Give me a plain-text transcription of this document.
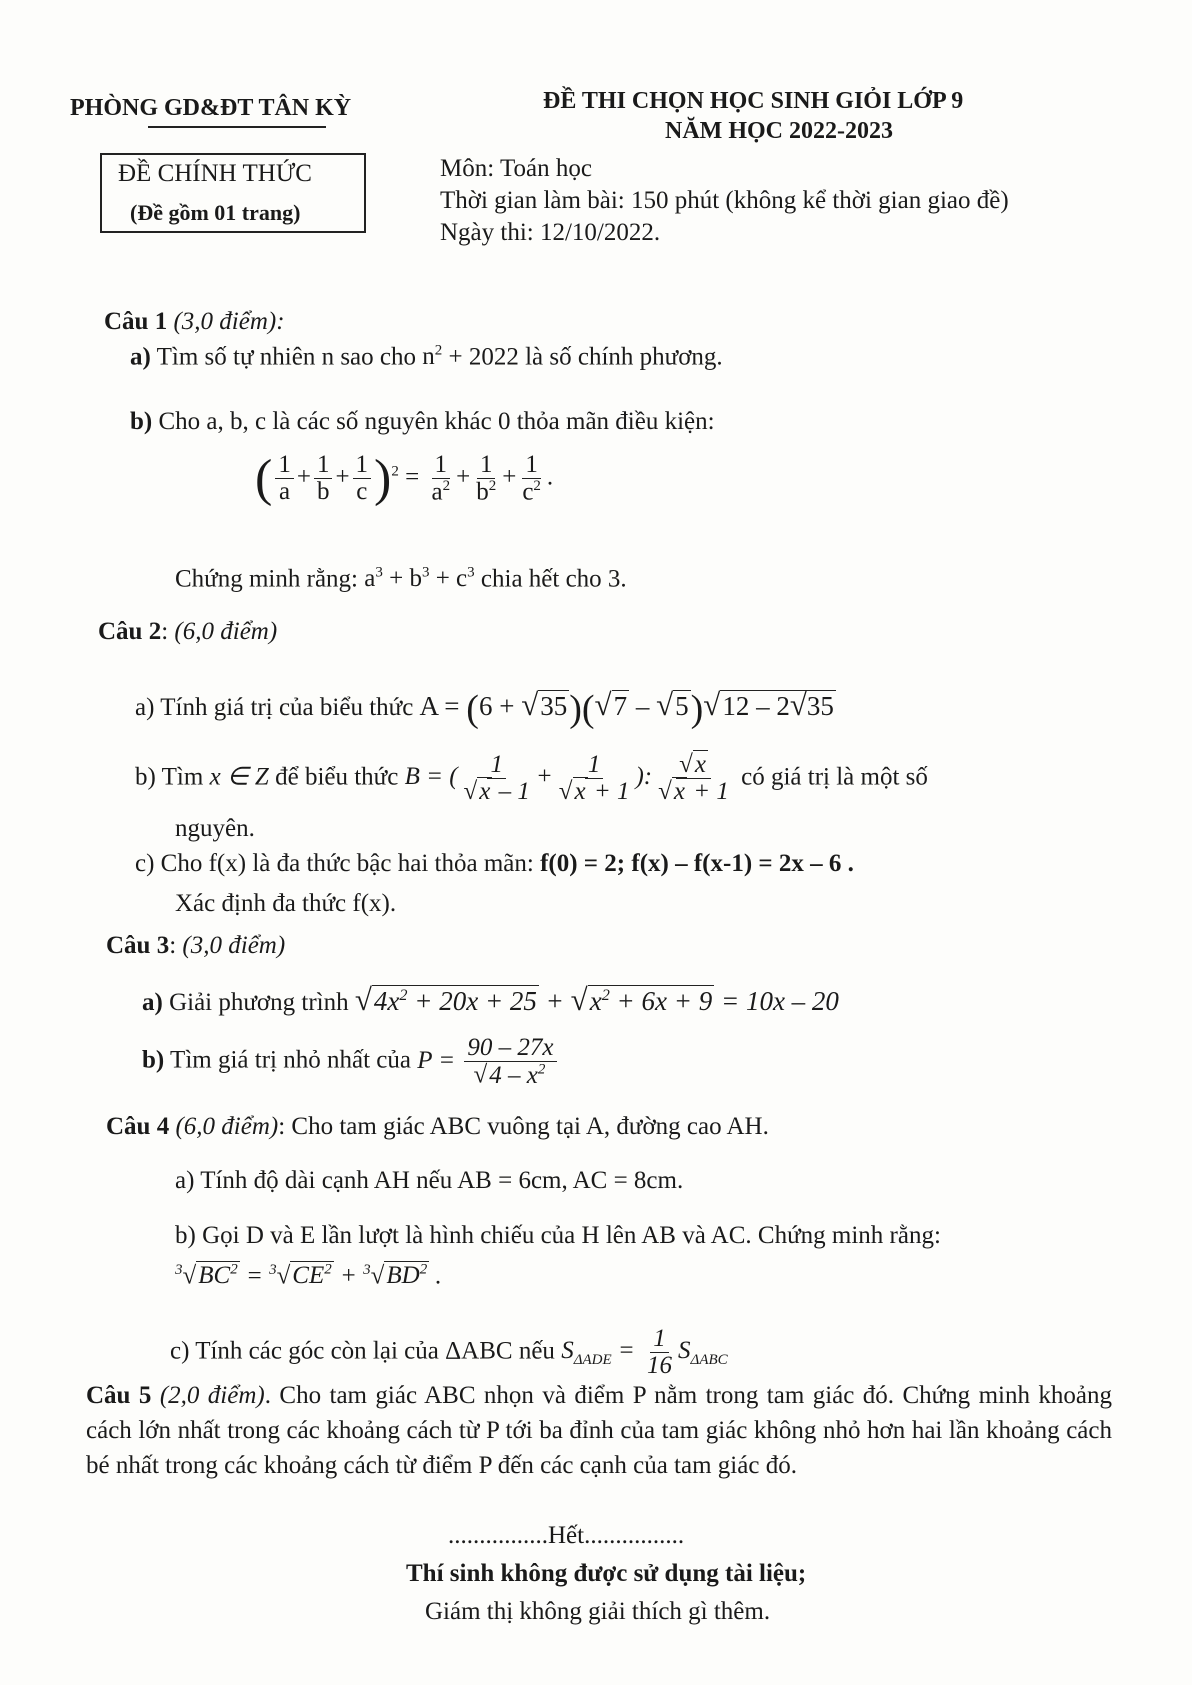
PHÒNG GD&ĐT TÂN KỲ	ĐỀ THI CHỌN HỌC SINH GIỎI LỚP 9
NĂM HỌC 2022-2023
ĐỀ CHÍNH THỨC
(Đề gồm 01 trang)
Môn: Toán học
Thời gian làm bài: 150 phút (không kể thời gian giao đề)
Ngày thi: 12/10/2022.
Câu 1 (3,0 điểm):
a) Tìm số tự nhiên n sao cho $n^2 + 2022$ là số chính phương.
b) Cho a, b, c là các số nguyên khác 0 thỏa mãn điều kiện:
( $\frac{1}{a} + \frac{1}{b} + \frac{1}{c} )^2 = \frac{1}{a^2} + \frac{1}{b^2} + \frac{1}{c^2}$ .
Chứng minh rằng: $a^3 + b^3 + c^3$ chia hết cho 3.
Câu 2: (6,0 điểm)
a) Tính giá trị của biểu thức A = (6 + √35)(√7 – √5)√12 – 2√35
b) Tìm x ∈ Z để biểu thức B = ( $\frac{1}{√x - 1} + \frac{1}{√x + 1}$ ): $\frac{√x}{√x + 1}$ có giá trị là một số
nguyên.
c) Cho f(x) là đa thức bậc hai thỏa mãn: f(0) = 2; f(x) – f(x-1) = 2x – 6 .
Xác định đa thức f(x).
Câu 3: (3,0 điểm)
a) Giải phương trình $√4x^2 + 20x + 25 + √x^2 + 6x + 9 = 10x - 20$
b) Tìm giá trị nhỏ nhất của $P = \frac{90 - 27x}{√4 - x^2}$
Câu 4 (6,0 điểm): Cho tam giác ABC vuông tại A, đường cao AH.
a) Tính độ dài cạnh AH nếu AB = 6cm, AC = 8cm.
b) Gọi D và E lần lượt là hình chiếu của H lên AB và AC. Chứng minh rằng:
$^3√BC^2 = ^3√CE^2 + ^3√BD^2$ .
c) Tính các góc còn lại của ΔABC nếu $S_{\Delta ADE} = \frac{1}{16} S_{\Delta ABC}$
Câu 5 (2,0 điểm). Cho tam giác ABC nhọn và điểm P nằm trong tam giác đó. Chứng minh khoảng cách lớn nhất trong các khoảng cách từ P tới ba đỉnh của tam giác không nhỏ hơn hai lần khoảng cách bé nhất trong các khoảng cách từ điểm P đến các cạnh của tam giác đó.
................Hết................
Thí sinh không được sử dụng tài liệu;
Giám thị không giải thích gì thêm.
